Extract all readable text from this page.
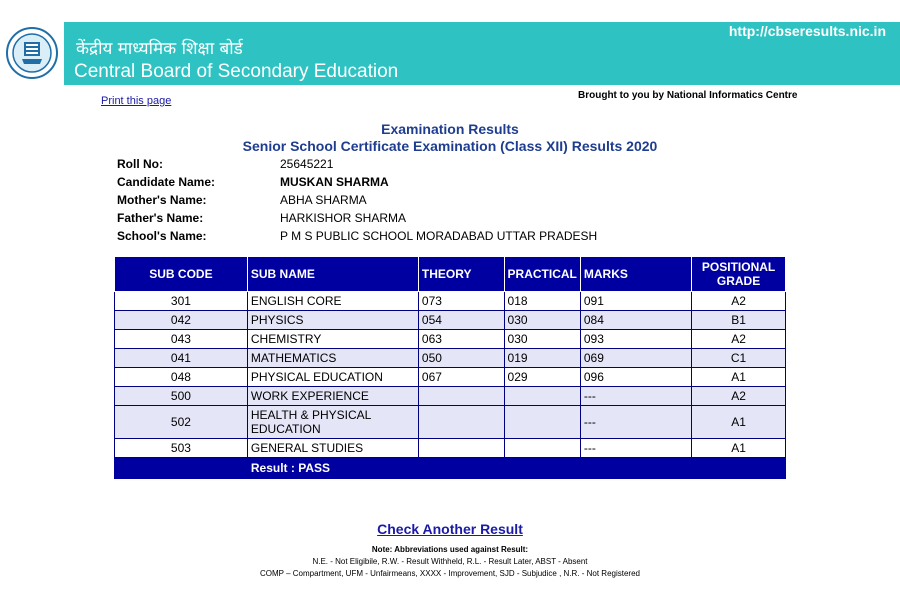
केंद्रीय माध्यमिक शिक्षा बोर्ड
Central Board of Secondary Education
http://cbseresults.nic.in
Print this page	Brought to you by National Informatics Centre
Examination Results
Senior School Certificate Examination (Class XII) Results 2020
Roll No:	25645221
Candidate Name:	MUSKAN SHARMA
Mother's Name:	ABHA SHARMA
Father's Name:	HARKISHOR SHARMA
School's Name:	P M S PUBLIC SCHOOL MORADABAD UTTAR PRADESH
SUB CODE	SUB NAME	THEORY	PRACTICAL	MARKS	POSITIONAL GRADE
301	ENGLISH CORE	073	018	091	A2
042	PHYSICS	054	030	084	B1
043	CHEMISTRY	063	030	093	A2
041	MATHEMATICS	050	019	069	C1
048	PHYSICAL EDUCATION	067	029	096	A1
500	WORK EXPERIENCE			---	A2
502	HEALTH & PHYSICAL EDUCATION			---	A1
503	GENERAL STUDIES			---	A1
	Result : PASS				
Check Another Result
Note: Abbreviations used against Result:
N.E. - Not Eligibile, R.W. - Result Withheld, R.L. - Result Later, ABST - Absent
COMP – Compartment, UFM - Unfairmeans, XXXX - Improvement, SJD - Subjudice , N.R. - Not Registered
